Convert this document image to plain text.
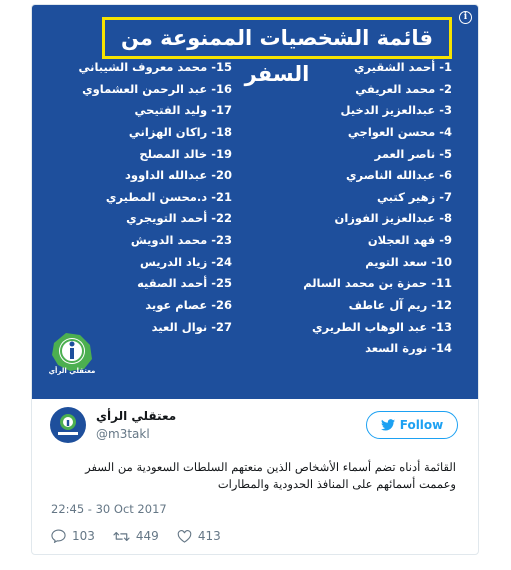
i
قائمة الشخصيات الممنوعة من السفر	1- أحمد الشقيري
2- محمد العريفي
3- عبدالعزيز الدخيل
4- محسن العواجي
5- ناصر العمر
6- عبدالله الناصري
7- زهير كتبي
8- عبدالعزيز الفوزان
9- فهد العجلان
10- سعد التويم
11- حمزة بن محمد السالم
12- ريم آل عاطف
13- عبد الوهاب الطريري
14- نورة السعد
15- محمد معروف الشيباني
16- عبد الرحمن العشماوي
17- وليد الفتيحي
18- راكان الهزاني
19- خالد المصلح
20- عبدالله الداوود
21- د.محسن المطيري
22- أحمد التويجري
23- محمد الدويش
24- زياد الدريس
25- أحمد الصقيه
26- عصام عويد
27- نوال العيد
معتقلي الرأي
معتقلي الرأي
@m3takl
Follow
القائمة أدناه تضم أسماء الأشخاص الذين منعتهم السلطات السعودية من السفر وعممت أسمائهم على المنافذ الحدودية والمطارات
22:45 - 30 Oct 2017
103	449	413
